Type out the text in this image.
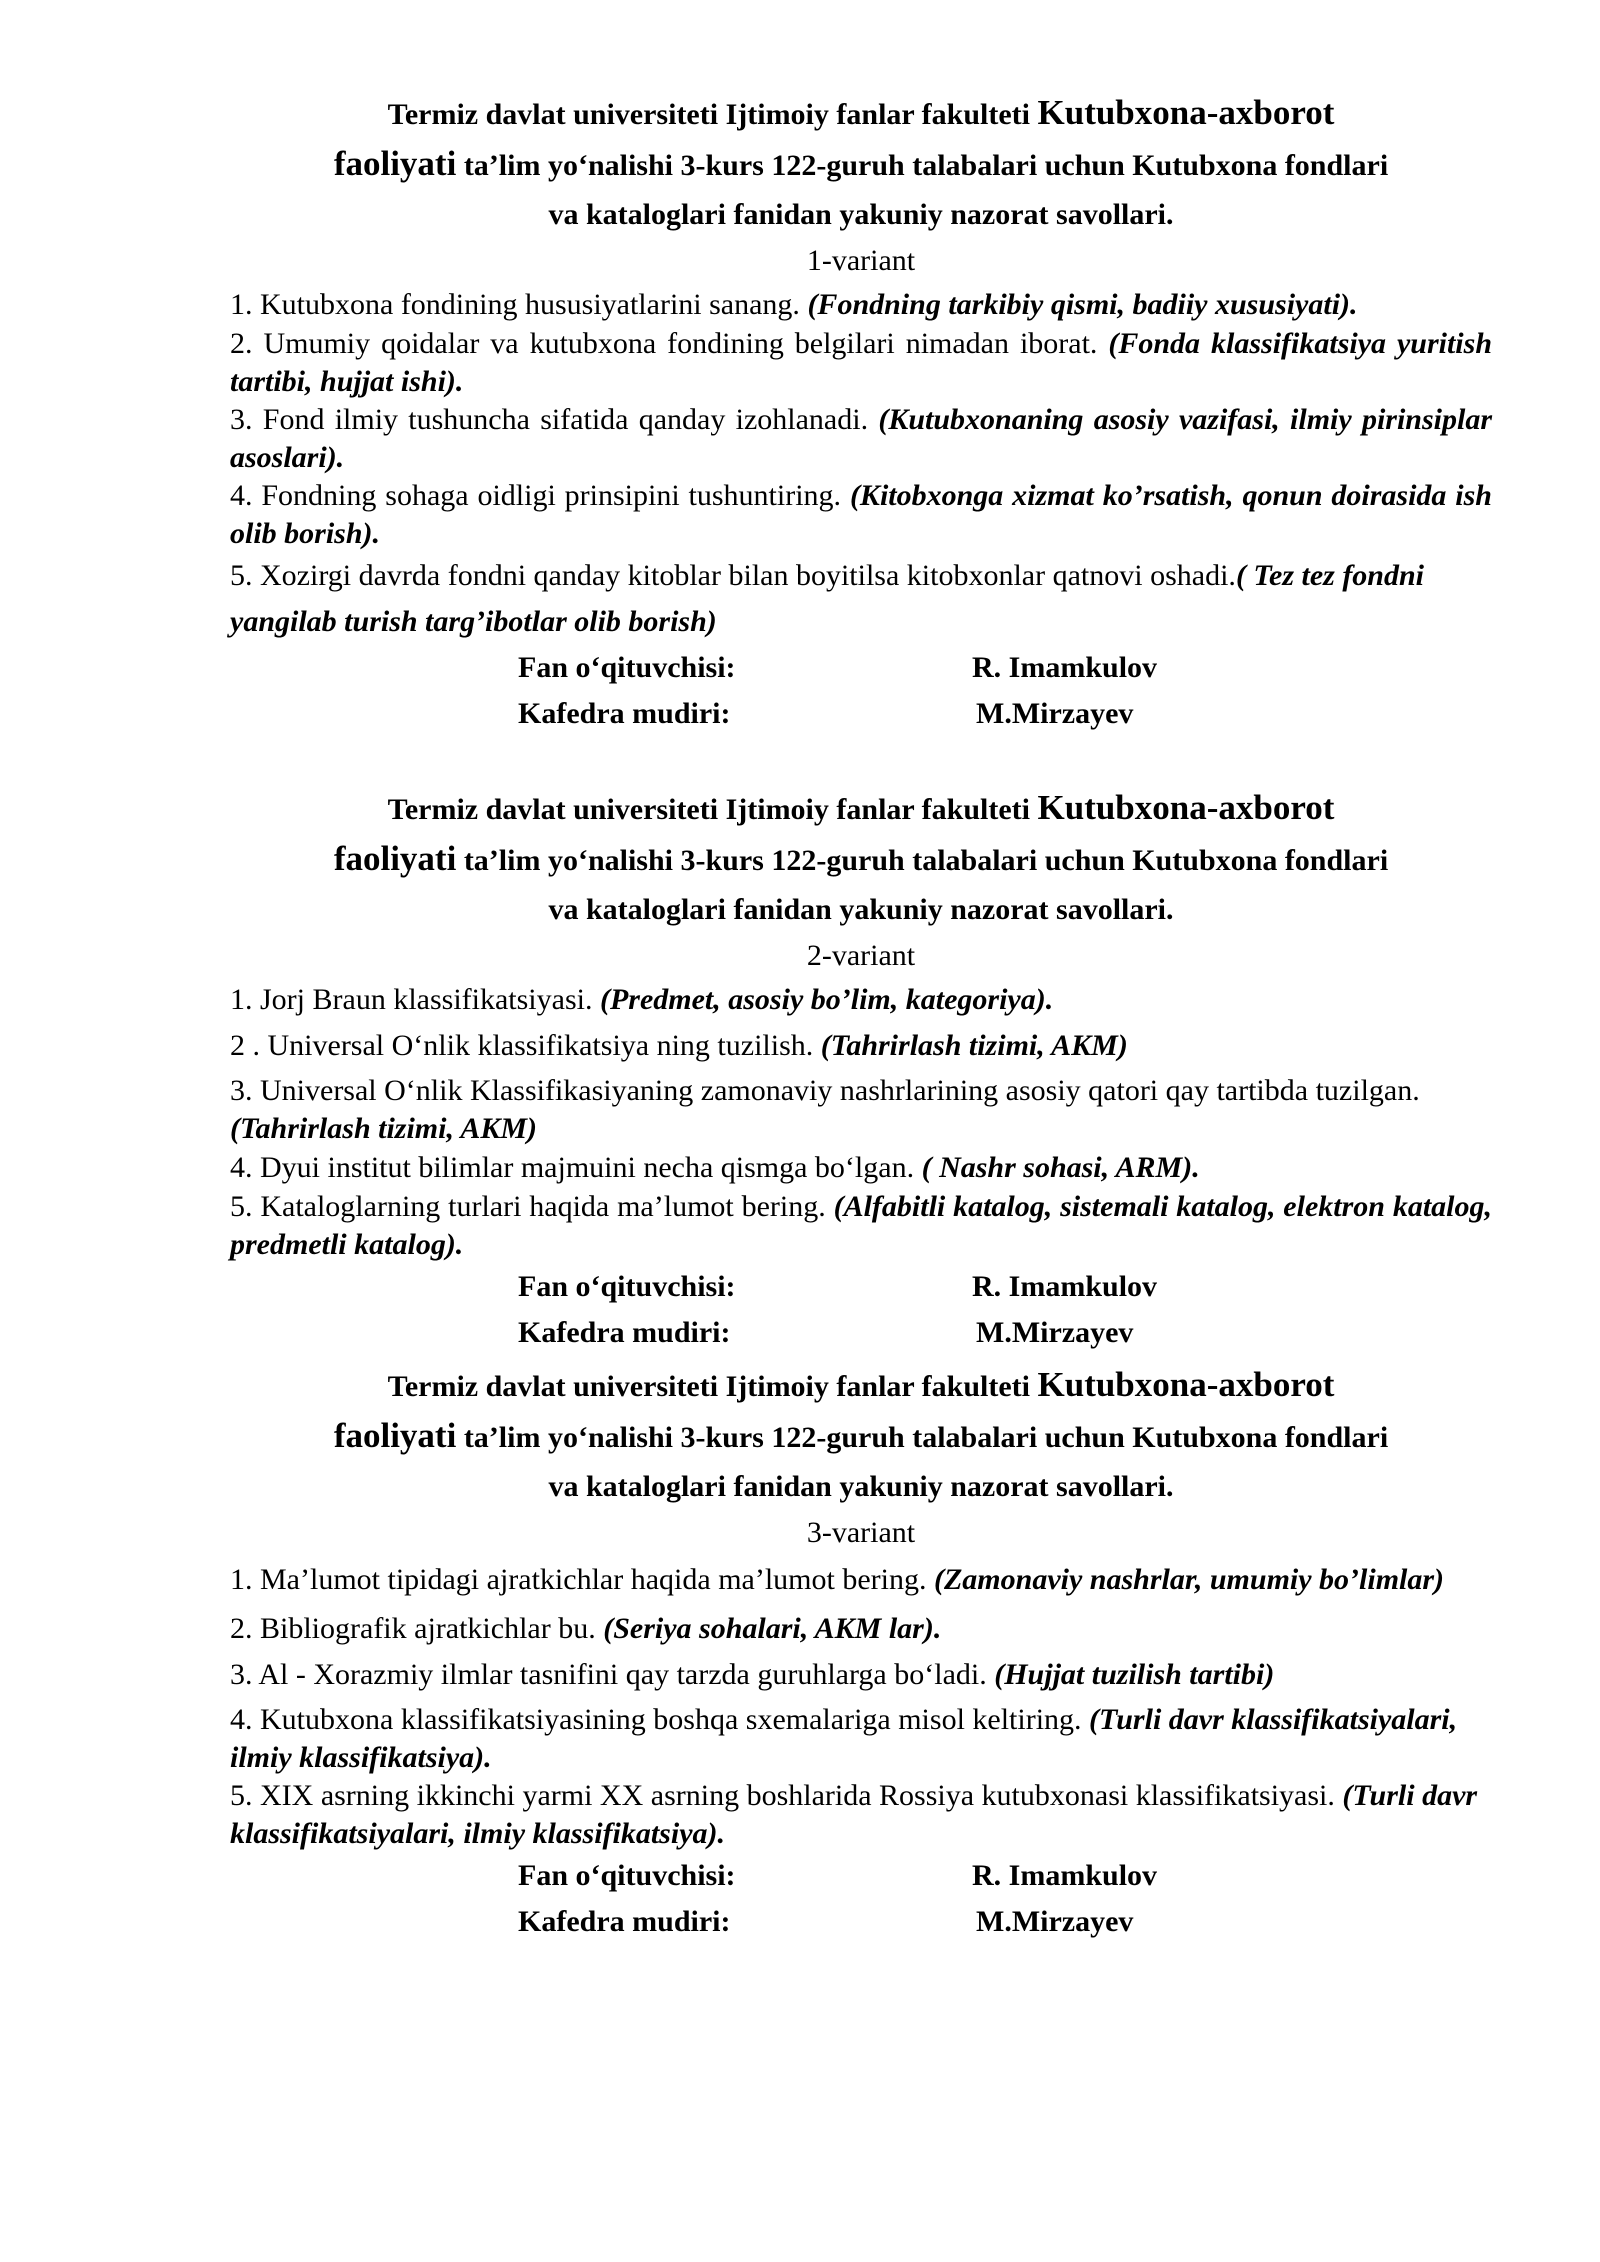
Termiz davlat universiteti Ijtimoiy fanlar fakulteti Kutubxona-axborot
faoliyati ta’lim yo‘nalishi 3-kurs 122-guruh talabalari uchun Kutubxona fondlari
va kataloglari fanidan yakuniy nazorat savollari.
1-variant

1. Kutubxona fondining hususiyatlarini sanang. (Fondning tarkibiy qismi, badiiy xususiyati).

2. Umumiy qoidalar va kutubxona fondining belgilari nimadan iborat. (Fonda klassifikatsiya yuritish tartibi, hujjat ishi).

3. Fond ilmiy tushuncha sifatida qanday izohlanadi. (Kutubxonaning asosiy vazifasi, ilmiy pirinsiplar asoslari).

4. Fondning sohaga oidligi prinsipini tushuntiring. (Kitobxonga xizmat ko’rsatish, qonun doirasida ish olib borish).

5. Xozirgi davrda fondni qanday kitoblar bilan boyitilsa kitobxonlar qatnovi oshadi.( Tez tez fondni yangilab turish targ’ibotlar olib borish)

Fan o‘qituvchisi:	R. Imamkulov
Kafedra mudiri:	M.Mirzayev
Termiz davlat universiteti Ijtimoiy fanlar fakulteti Kutubxona-axborot
faoliyati ta’lim yo‘nalishi 3-kurs 122-guruh talabalari uchun Kutubxona fondlari
va kataloglari fanidan yakuniy nazorat savollari.
2-variant

1. Jorj Braun klassifikatsiyasi. (Predmet, asosiy bo’lim, kategoriya).

2 . Universal O‘nlik klassifikatsiya ning tuzilish. (Tahrirlash tizimi, AKM)

3. Universal O‘nlik Klassifikasiyaning zamonaviy nashrlarining asosiy qatori qay tartibda tuzilgan. (Tahrirlash tizimi, AKM)

4. Dyui institut bilimlar majmuini necha qismga bo‘lgan. ( Nashr sohasi, ARM).

5. Kataloglarning turlari haqida ma’lumot bering. (Alfabitli katalog, sistemali katalog, elektron katalog, predmetli katalog).

Fan o‘qituvchisi:	R. Imamkulov
Kafedra mudiri:	M.Mirzayev
Termiz davlat universiteti Ijtimoiy fanlar fakulteti Kutubxona-axborot
faoliyati ta’lim yo‘nalishi 3-kurs 122-guruh talabalari uchun Kutubxona fondlari
va kataloglari fanidan yakuniy nazorat savollari.
3-variant

1. Ma’lumot tipidagi ajratkichlar haqida ma’lumot bering. (Zamonaviy nashrlar, umumiy bo’limlar)

2. Bibliografik ajratkichlar bu. (Seriya sohalari, AKM lar).

3. Al - Xorazmiy ilmlar tasnifini qay tarzda guruhlarga bo‘ladi. (Hujjat tuzilish tartibi)

4. Kutubxona klassifikatsiyasining boshqa sxemalariga misol keltiring. (Turli davr klassifikatsiyalari, ilmiy klassifikatsiya).

5. XIX asrning ikkinchi yarmi XX asrning boshlarida Rossiya kutubxonasi klassifikatsiyasi. (Turli davr klassifikatsiyalari, ilmiy klassifikatsiya).

Fan o‘qituvchisi:	R. Imamkulov
Kafedra mudiri:	M.Mirzayev
